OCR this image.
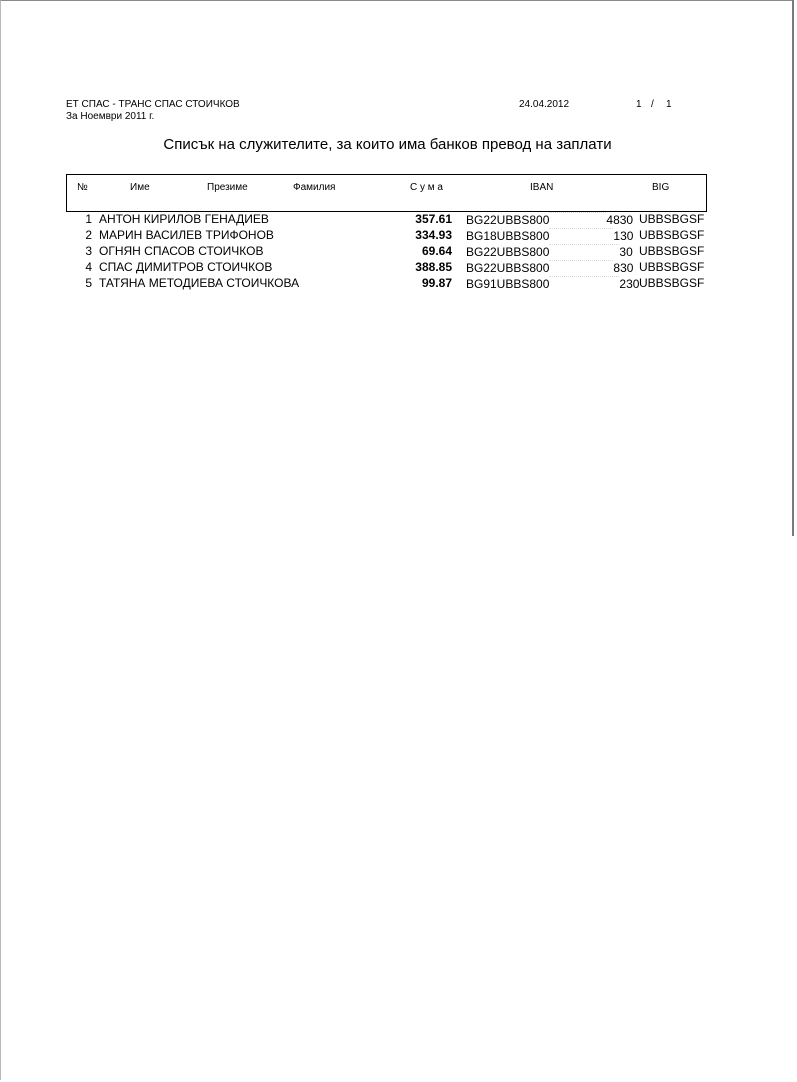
ЕТ СПАС - ТРАНС СПАС СТОИЧКОВ
За Ноември 2011 г.
24.04.2012	1 / 1
Списък на служителите, за които има банков превод на заплати
№	Име	Презиме	Фамилия	С у м а	IBAN	BIG
1 АНТОН КИРИЛОВ ГЕНАДИЕВ	357.61 BG22UBBS800	4830 UBBSBGSF
2 МАРИН ВАСИЛЕВ ТРИФОНОВ	334.93 BG18UBBS800	130 UBBSBGSF
3 ОГНЯН СПАСОВ СТОИЧКОВ	69.64 BG22UBBS800	30 UBBSBGSF
4 СПАС ДИМИТРОВ СТОИЧКОВ	388.85 BG22UBBS800	830 UBBSBGSF
5 ТАТЯНА МЕТОДИЕВА СТОИЧКОВА	99.87 BG91UBBS800	230 UBBSBGSF
